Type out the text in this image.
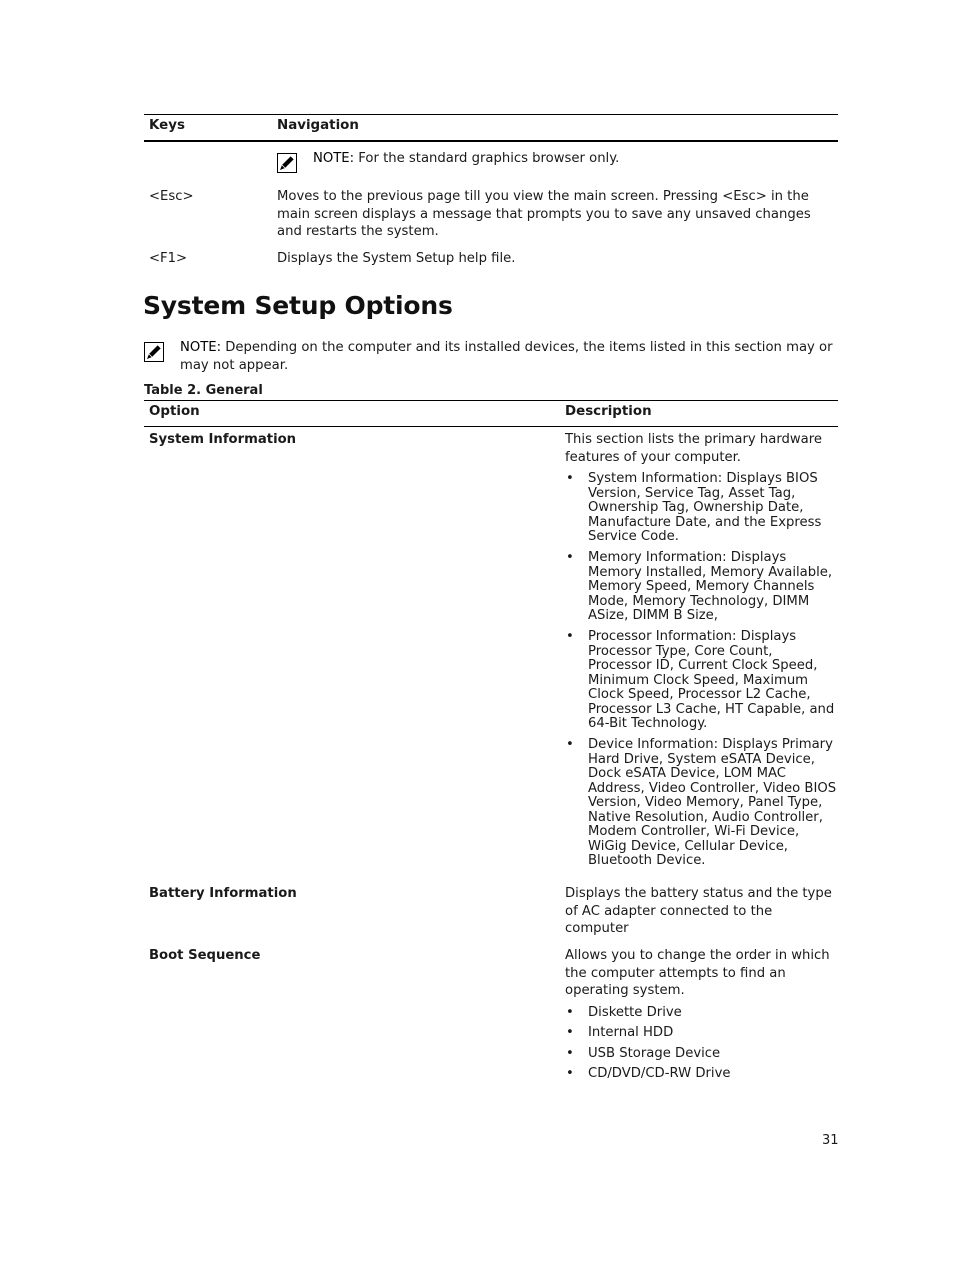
Keys	Navigation
NOTE: For the standard graphics browser only.
<Esc>	Moves to the previous page till you view the main screen. Pressing <Esc> in the main screen displays a message that prompts you to save any unsaved changes and restarts the system.
<F1>	Displays the System Setup help file.
System Setup Options
NOTE: Depending on the computer and its installed devices, the items listed in this section may or may not appear.
Table 2. General
Option	Description
System Information	This section lists the primary hardware features of your computer.
• System Information: Displays BIOS Version, Service Tag, Asset Tag, Ownership Tag, Ownership Date, Manufacture Date, and the Express Service Code.
• Memory Information: Displays Memory Installed, Memory Available, Memory Speed, Memory Channels Mode, Memory Technology, DIMM ASize, DIMM B Size,
• Processor Information: Displays Processor Type, Core Count, Processor ID, Current Clock Speed, Minimum Clock Speed, Maximum Clock Speed, Processor L2 Cache, Processor L3 Cache, HT Capable, and 64-Bit Technology.
• Device Information: Displays Primary Hard Drive, System eSATA Device, Dock eSATA Device, LOM MAC Address, Video Controller, Video BIOS Version, Video Memory, Panel Type, Native Resolution, Audio Controller, Modem Controller, Wi-Fi Device, WiGig Device, Cellular Device, Bluetooth Device.
Battery Information	Displays the battery status and the type of AC adapter connected to the computer
Boot Sequence	Allows you to change the order in which the computer attempts to find an operating system.
• Diskette Drive
• Internal HDD
• USB Storage Device
• CD/DVD/CD-RW Drive
31
